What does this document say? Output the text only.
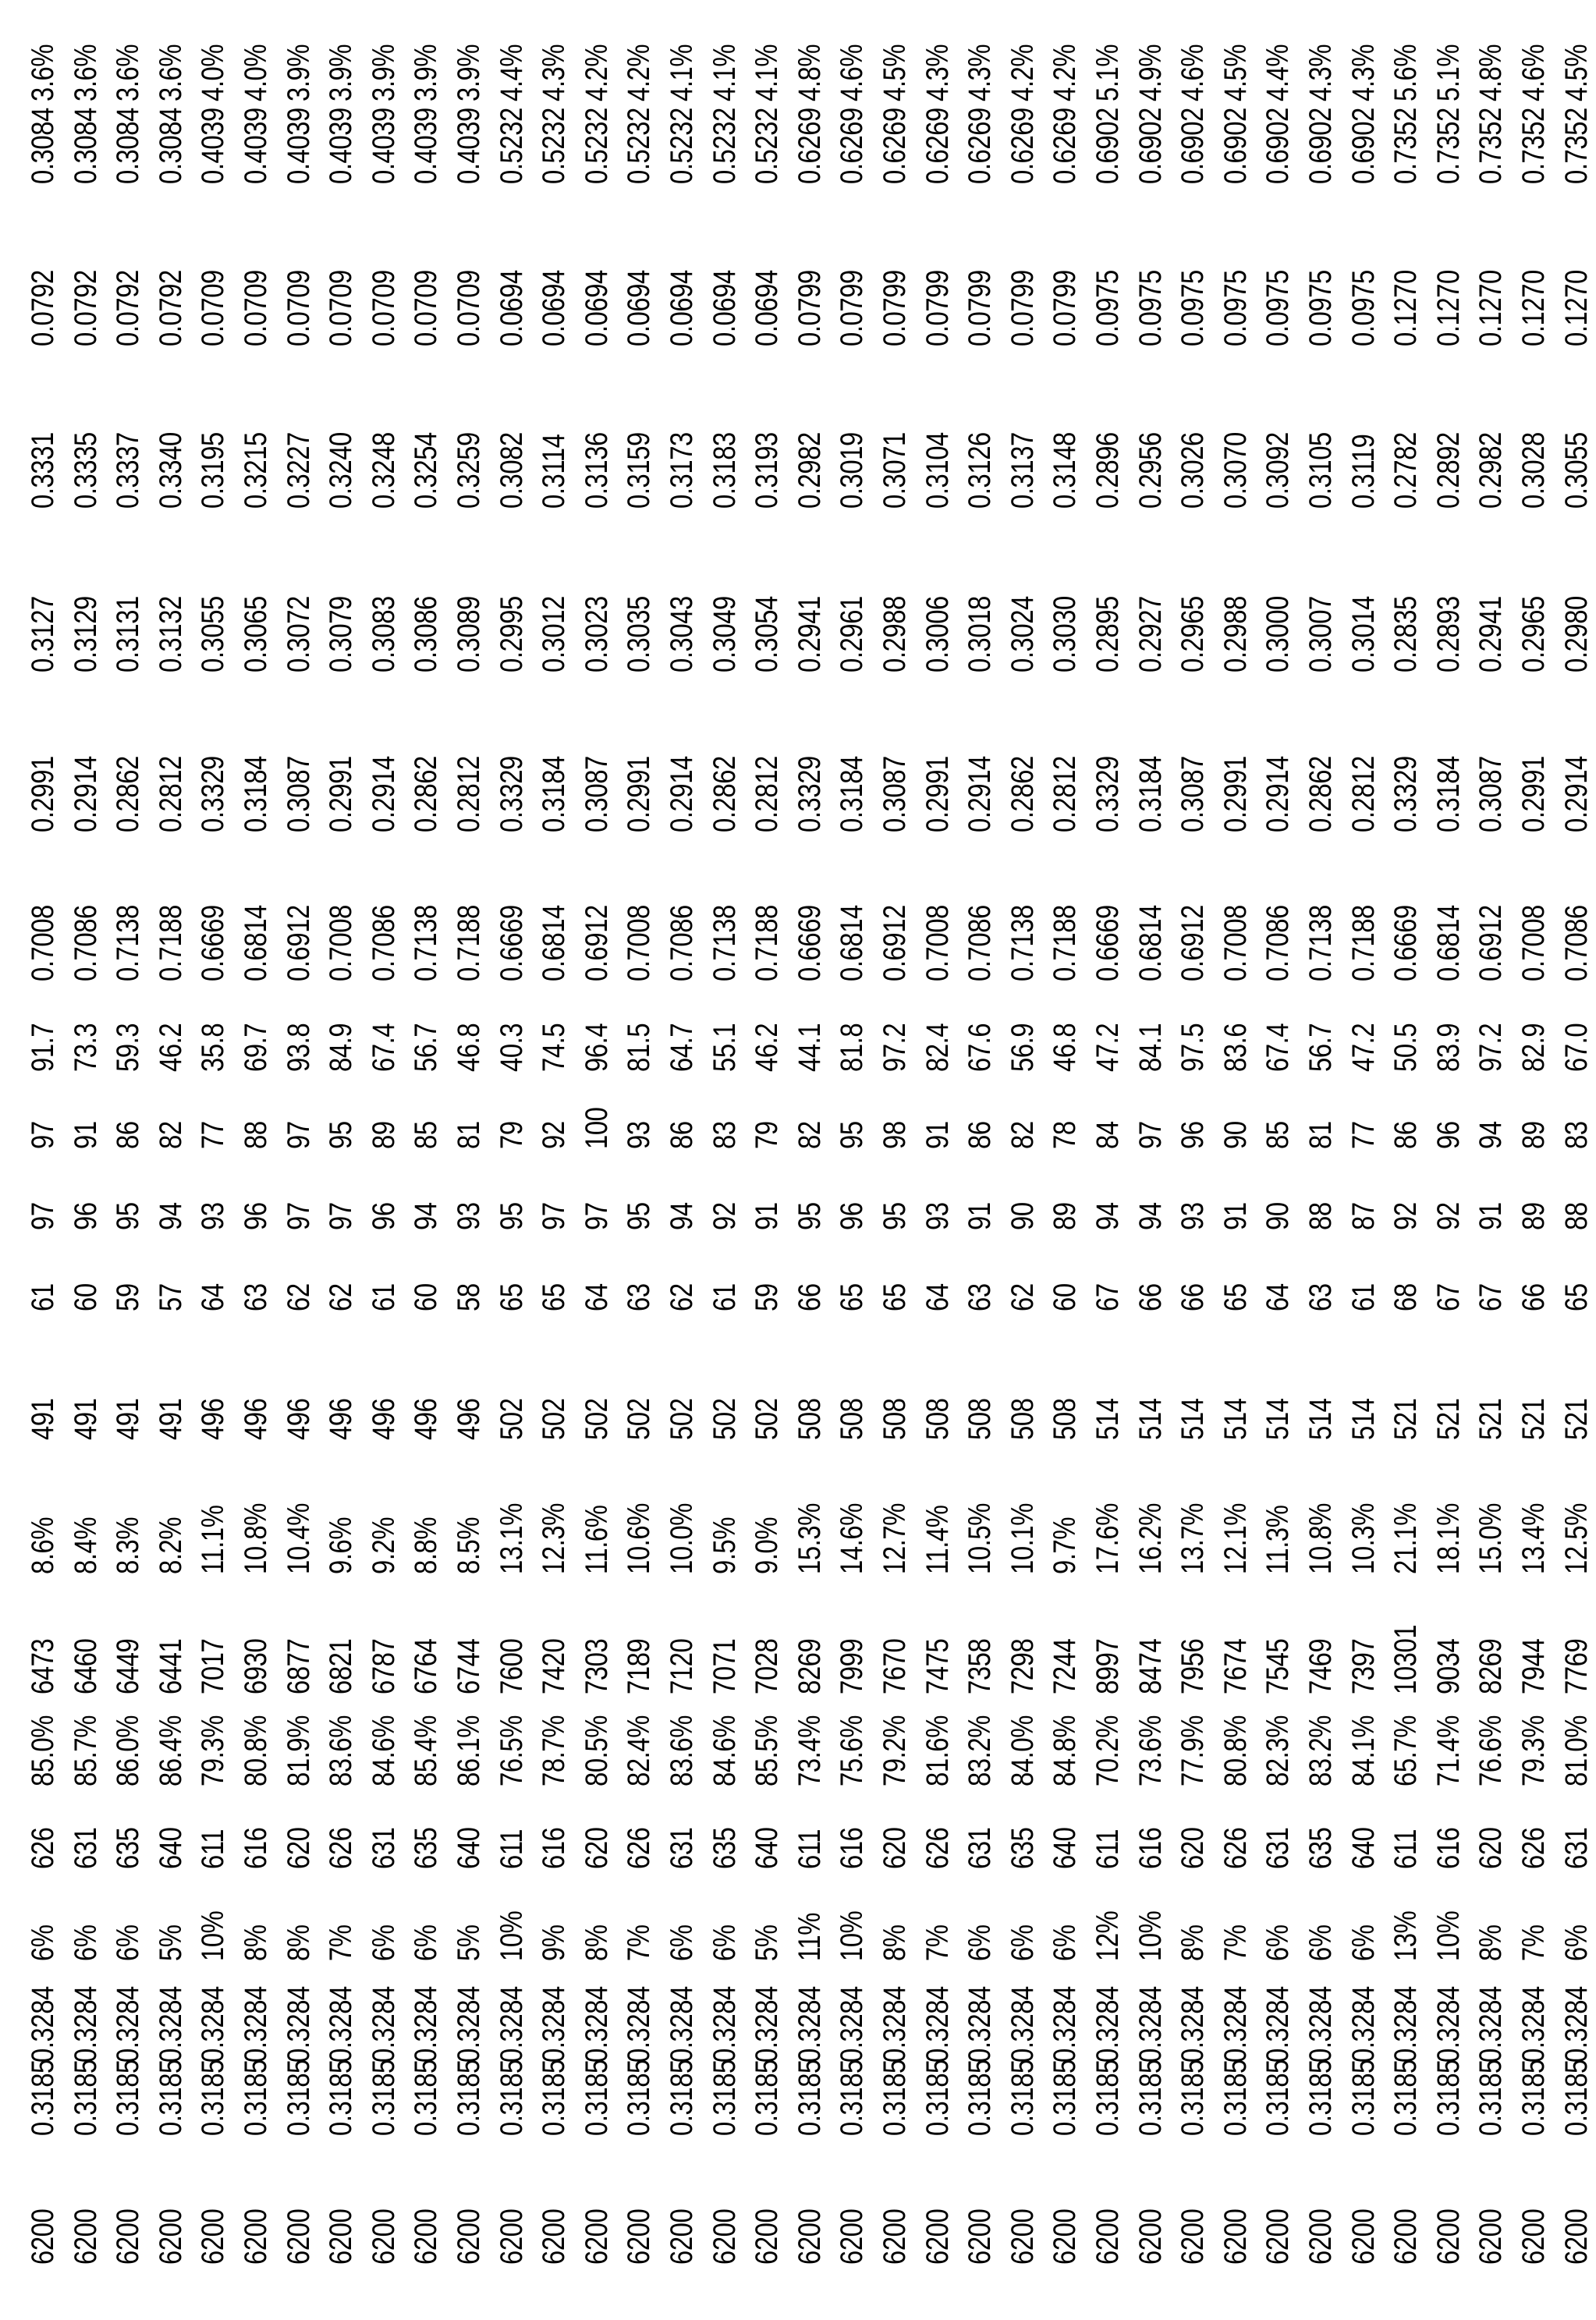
6200
0.3185
0.3284
6%
626
85.0%
6473
8.6%
491
61
97
97
91.7
0.7008
0.2991
0.3127
0.3331
0.0792
0.3084
3.6%
6200
0.3185
0.3284
6%
631
85.7%
6460
8.4%
491
60
96
91
73.3
0.7086
0.2914
0.3129
0.3335
0.0792
0.3084
3.6%
6200
0.3185
0.3284
6%
635
86.0%
6449
8.3%
491
59
95
86
59.3
0.7138
0.2862
0.3131
0.3337
0.0792
0.3084
3.6%
6200
0.3185
0.3284
5%
640
86.4%
6441
8.2%
491
57
94
82
46.2
0.7188
0.2812
0.3132
0.3340
0.0792
0.3084
3.6%
6200
0.3185
0.3284
10%
611
79.3%
7017
11.1%
496
64
93
77
35.8
0.6669
0.3329
0.3055
0.3195
0.0709
0.4039
4.0%
6200
0.3185
0.3284
8%
616
80.8%
6930
10.8%
496
63
96
88
69.7
0.6814
0.3184
0.3065
0.3215
0.0709
0.4039
4.0%
6200
0.3185
0.3284
8%
620
81.9%
6877
10.4%
496
62
97
97
93.8
0.6912
0.3087
0.3072
0.3227
0.0709
0.4039
3.9%
6200
0.3185
0.3284
7%
626
83.6%
6821
9.6%
496
62
97
95
84.9
0.7008
0.2991
0.3079
0.3240
0.0709
0.4039
3.9%
6200
0.3185
0.3284
6%
631
84.6%
6787
9.2%
496
61
96
89
67.4
0.7086
0.2914
0.3083
0.3248
0.0709
0.4039
3.9%
6200
0.3185
0.3284
6%
635
85.4%
6764
8.8%
496
60
94
85
56.7
0.7138
0.2862
0.3086
0.3254
0.0709
0.4039
3.9%
6200
0.3185
0.3284
5%
640
86.1%
6744
8.5%
496
58
93
81
46.8
0.7188
0.2812
0.3089
0.3259
0.0709
0.4039
3.9%
6200
0.3185
0.3284
10%
611
76.5%
7600
13.1%
502
65
95
79
40.3
0.6669
0.3329
0.2995
0.3082
0.0694
0.5232
4.4%
6200
0.3185
0.3284
9%
616
78.7%
7420
12.3%
502
65
97
92
74.5
0.6814
0.3184
0.3012
0.3114
0.0694
0.5232
4.3%
6200
0.3185
0.3284
8%
620
80.5%
7303
11.6%
502
64
97
100
96.4
0.6912
0.3087
0.3023
0.3136
0.0694
0.5232
4.2%
6200
0.3185
0.3284
7%
626
82.4%
7189
10.6%
502
63
95
93
81.5
0.7008
0.2991
0.3035
0.3159
0.0694
0.5232
4.2%
6200
0.3185
0.3284
6%
631
83.6%
7120
10.0%
502
62
94
86
64.7
0.7086
0.2914
0.3043
0.3173
0.0694
0.5232
4.1%
6200
0.3185
0.3284
6%
635
84.6%
7071
9.5%
502
61
92
83
55.1
0.7138
0.2862
0.3049
0.3183
0.0694
0.5232
4.1%
6200
0.3185
0.3284
5%
640
85.5%
7028
9.0%
502
59
91
79
46.2
0.7188
0.2812
0.3054
0.3193
0.0694
0.5232
4.1%
6200
0.3185
0.3284
11%
611
73.4%
8269
15.3%
508
66
95
82
44.1
0.6669
0.3329
0.2941
0.2982
0.0799
0.6269
4.8%
6200
0.3185
0.3284
10%
616
75.6%
7999
14.6%
508
65
96
95
81.8
0.6814
0.3184
0.2961
0.3019
0.0799
0.6269
4.6%
6200
0.3185
0.3284
8%
620
79.2%
7670
12.7%
508
65
95
98
97.2
0.6912
0.3087
0.2988
0.3071
0.0799
0.6269
4.5%
6200
0.3185
0.3284
7%
626
81.6%
7475
11.4%
508
64
93
91
82.4
0.7008
0.2991
0.3006
0.3104
0.0799
0.6269
4.3%
6200
0.3185
0.3284
6%
631
83.2%
7358
10.5%
508
63
91
86
67.6
0.7086
0.2914
0.3018
0.3126
0.0799
0.6269
4.3%
6200
0.3185
0.3284
6%
635
84.0%
7298
10.1%
508
62
90
82
56.9
0.7138
0.2862
0.3024
0.3137
0.0799
0.6269
4.2%
6200
0.3185
0.3284
6%
640
84.8%
7244
9.7%
508
60
89
78
46.8
0.7188
0.2812
0.3030
0.3148
0.0799
0.6269
4.2%
6200
0.3185
0.3284
12%
611
70.2%
8997
17.6%
514
67
94
84
47.2
0.6669
0.3329
0.2895
0.2896
0.0975
0.6902
5.1%
6200
0.3185
0.3284
10%
616
73.6%
8474
16.2%
514
66
94
97
84.1
0.6814
0.3184
0.2927
0.2956
0.0975
0.6902
4.9%
6200
0.3185
0.3284
8%
620
77.9%
7956
13.7%
514
66
93
96
97.5
0.6912
0.3087
0.2965
0.3026
0.0975
0.6902
4.6%
6200
0.3185
0.3284
7%
626
80.8%
7674
12.1%
514
65
91
90
83.6
0.7008
0.2991
0.2988
0.3070
0.0975
0.6902
4.5%
6200
0.3185
0.3284
6%
631
82.3%
7545
11.3%
514
64
90
85
67.4
0.7086
0.2914
0.3000
0.3092
0.0975
0.6902
4.4%
6200
0.3185
0.3284
6%
635
83.2%
7469
10.8%
514
63
88
81
56.7
0.7138
0.2862
0.3007
0.3105
0.0975
0.6902
4.3%
6200
0.3185
0.3284
6%
640
84.1%
7397
10.3%
514
61
87
77
47.2
0.7188
0.2812
0.3014
0.3119
0.0975
0.6902
4.3%
6200
0.3185
0.3284
13%
611
65.7%
10301
21.1%
521
68
92
86
50.5
0.6669
0.3329
0.2835
0.2782
0.1270
0.7352
5.6%
6200
0.3185
0.3284
10%
616
71.4%
9034
18.1%
521
67
92
96
83.9
0.6814
0.3184
0.2893
0.2892
0.1270
0.7352
5.1%
6200
0.3185
0.3284
8%
620
76.6%
8269
15.0%
521
67
91
94
97.2
0.6912
0.3087
0.2941
0.2982
0.1270
0.7352
4.8%
6200
0.3185
0.3284
7%
626
79.3%
7944
13.4%
521
66
89
89
82.9
0.7008
0.2991
0.2965
0.3028
0.1270
0.7352
4.6%
6200
0.3185
0.3284
6%
631
81.0%
7769
12.5%
521
65
88
83
67.0
0.7086
0.2914
0.2980
0.3055
0.1270
0.7352
4.5%
